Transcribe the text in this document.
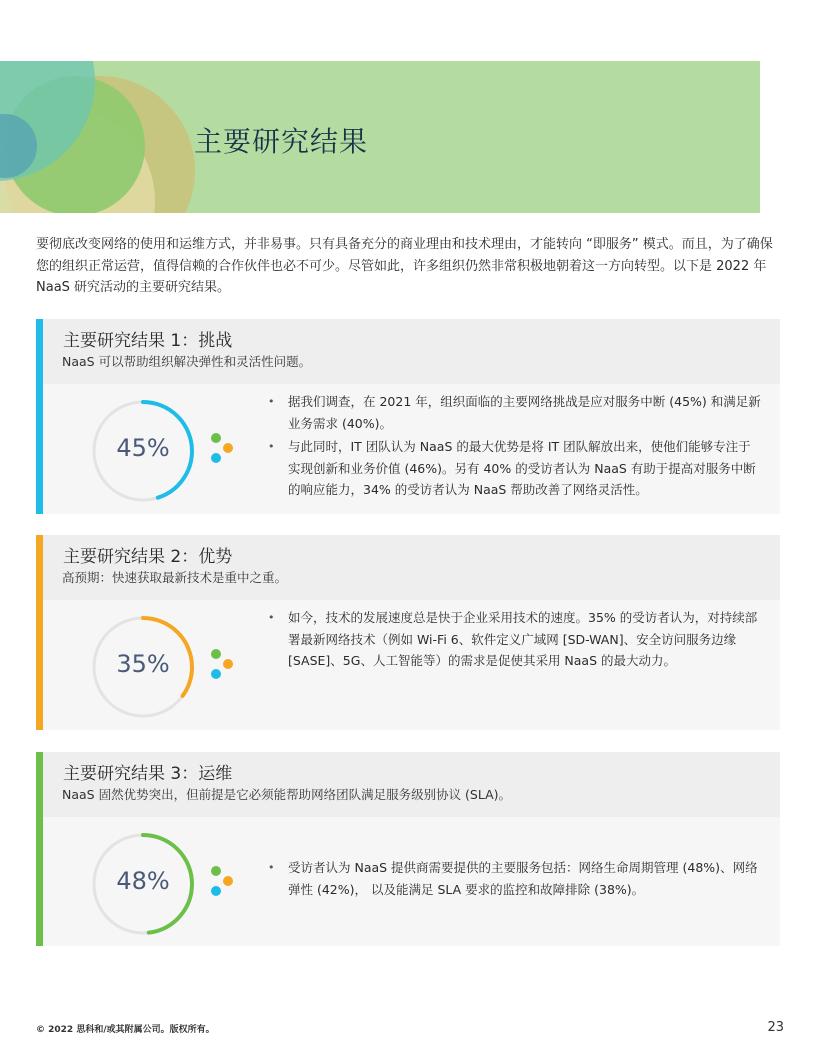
主要研究结果

要彻底改变网络的使用和运维方式，并非易事。只有具备充分的商业理由和技术理由，才能转向 “即服务” 模式。而且，为了确保您的组织正常运营，值得信赖的合作伙伴也必不可少。尽管如此，许多组织仍然非常积极地朝着这一方向转型。以下是 2022 年 NaaS 研究活动的主要研究结果。

主要研究结果 1：挑战

NaaS 可以帮助组织解决弹性和灵活性问题。

45%
• 据我们调查，在 2021 年，组织面临的主要网络挑战是应对服务中断 (45%) 和满足新业务需求 (40%)。
• 与此同时，IT 团队认为 NaaS 的最大优势是将 IT 团队解放出来，使他们能够专注于实现创新和业务价值 (46%)。另有 40% 的受访者认为 NaaS 有助于提高对服务中断的响应能力，34% 的受访者认为 NaaS 帮助改善了网络灵活性。
主要研究结果 2：优势

高预期：快速获取最新技术是重中之重。

35%
• 如今，技术的发展速度总是快于企业采用技术的速度。35% 的受访者认为，对持续部署最新网络技术（例如 Wi-Fi 6、软件定义广域网 [SD-WAN]、安全访问服务边缘 [SASE]、5G、人工智能等）的需求是促使其采用 NaaS 的最大动力。
主要研究结果 3：运维

NaaS 固然优势突出，但前提是它必须能帮助网络团队满足服务级别协议 (SLA)。

48%
•	受访者认为 NaaS 提供商需要提供的主要服务包括：网络生命周期管理 (48%)、网络弹性 (42%)， 以及能满足 SLA 要求的监控和故障排除 (38%)。
© 2022 思科和/或其附属公司。版权所有。	23
